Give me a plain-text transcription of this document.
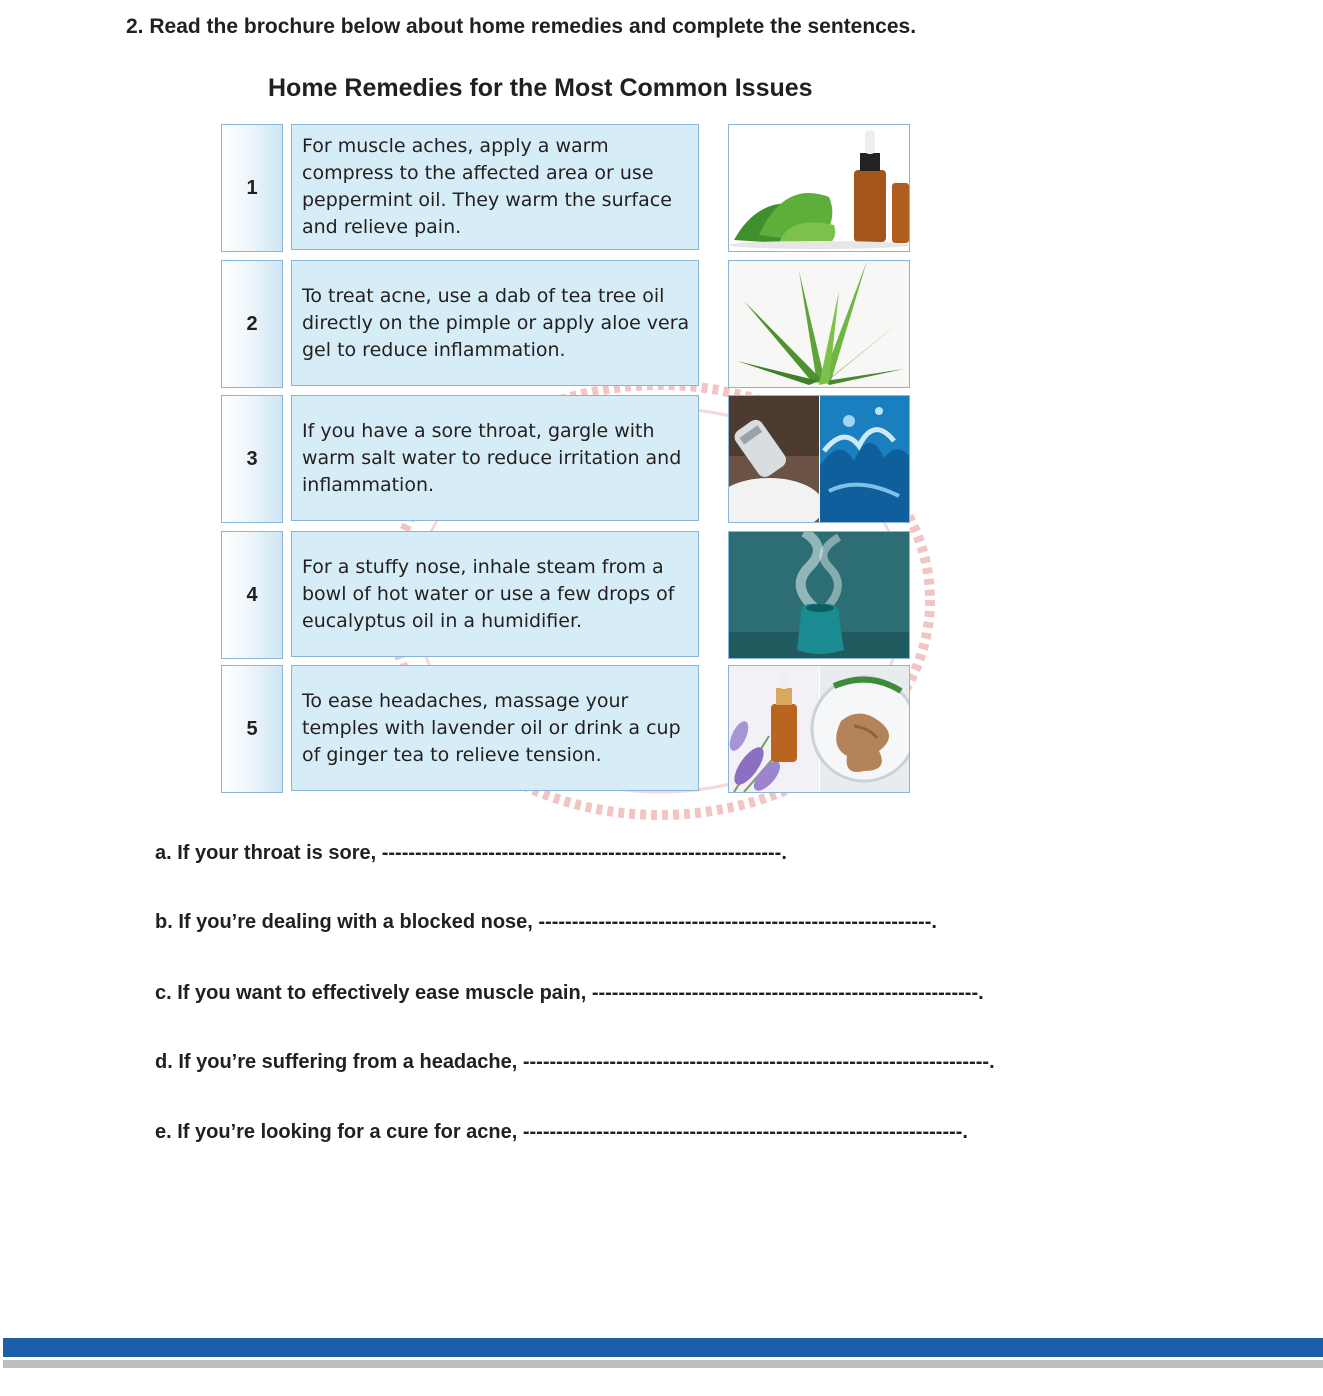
2. Read the brochure below about home remedies and complete the sentences.
Home Remedies for the Most Common Issues
1
For muscle aches, apply a warm compress to the affected area or use peppermint oil. They warm the surface and relieve pain.
2
To treat acne, use a dab of tea tree oil directly on the pimple or apply aloe vera gel to reduce inflammation.
3
If you have a sore throat, gargle with warm salt water to reduce irritation and inflammation.
4
For a stuffy nose, inhale steam from a bowl of hot water or use a few drops of eucalyptus oil in a humidifier.
5
To ease headaches, massage your temples with lavender oil or drink a cup of ginger tea to relieve tension.

a. If your throat is sore, ------------------------------------------------------------.

b. If you’re dealing with a blocked nose, -----------------------------------------------------------.

c. If you want to effectively ease muscle pain, ----------------------------------------------------------.

d. If you’re suffering from a headache, ----------------------------------------------------------------------.

e. If you’re looking for a cure for acne, ------------------------------------------------------------------.
